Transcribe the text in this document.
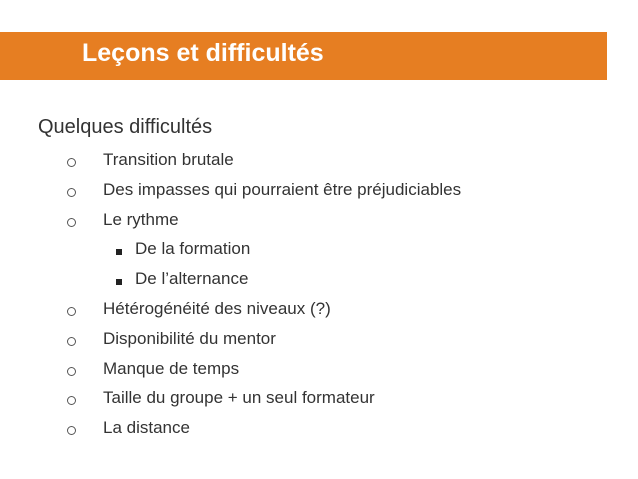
Leçons et difficultés
Quelques difficultés
Transition brutale
Des impasses qui pourraient être préjudiciables
Le rythme
De la formation
De l’alternance
Hétérogénéité des niveaux (?)
Disponibilité du mentor
Manque de temps
Taille du groupe + un seul formateur
La distance
